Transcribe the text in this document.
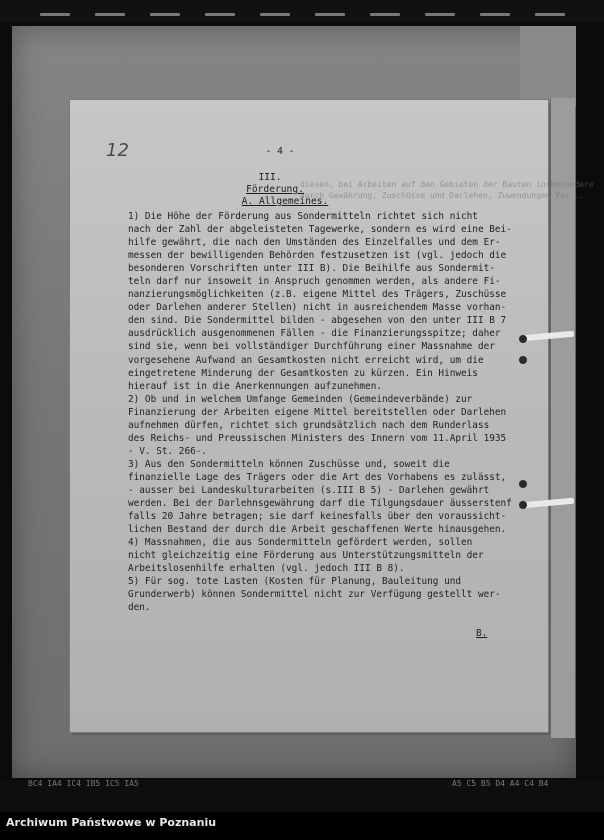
diesen, bei Arbeiten auf den Gebieten der Bauten insbesondere
durch Gewährung, Zuschüsse und Darlehen, Zuwendungen Vor...
12	- 4 -
III.
Förderung.
A. Allgemeines.
1) Die Höhe der Förderung aus Sondermitteln richtet sich nicht
nach der Zahl der abgeleisteten Tagewerke, sondern es wird eine Bei-
hilfe gewährt, die nach den Umständen des Einzelfalles und dem Er-
messen der bewilligenden Behörden festzusetzen ist (vgl. jedoch die
besonderen Vorschriften unter III B). Die Beihilfe aus Sondermit-
teln darf nur insoweit in Anspruch genommen werden, als andere Fi-
nanzierungsmöglichkeiten (z.B. eigene Mittel des Trägers, Zuschüsse
oder Darlehen anderer Stellen) nicht in ausreichendem Masse vorhan-
den sind. Die Sondermittel bilden - abgesehen von den unter III B 7
ausdrücklich ausgenommenen Fällen - die Finanzierungsspitze; daher
sind sie, wenn bei vollständiger Durchführung einer Massnahme der
vorgesehene Aufwand an Gesamtkosten nicht erreicht wird, um die
eingetretene Minderung der Gesamtkosten zu kürzen. Ein Hinweis
hierauf ist in die Anerkennungen aufzunehmen.
2) Ob und in welchem Umfange Gemeinden (Gemeindeverbände) zur
Finanzierung der Arbeiten eigene Mittel bereitstellen oder Darlehen
aufnehmen dürfen, richtet sich grundsätzlich nach dem Runderlass
des Reichs- und Preussischen Ministers des Innern vom 11.April 1935
- V. St. 266-.
3) Aus den Sondermitteln können Zuschüsse und, soweit die
finanzielle Lage des Trägers oder die Art des Vorhabens es zulässt,
- ausser bei Landeskulturarbeiten (s.III B 5) - Darlehen gewährt
werden. Bei der Darlehnsgewährung darf die Tilgungsdauer äusserstenf
falls 20 Jahre betragen; sie darf keinesfalls über den voraussicht-
lichen Bestand der durch die Arbeit geschaffenen Werte hinausgehen.
4) Massnahmen, die aus Sondermitteln gefördert werden, sollen
nicht gleichzeitig eine Förderung aus Unterstützungsmitteln der
Arbeitslosenhilfe erhalten (vgl. jedoch III B 8).
5) Für sog. tote Lasten (Kosten für Planung, Bauleitung und
Grunderwerb) können Sondermittel nicht zur Verfügung gestellt wer-
den.
B.
BC4 IA4 IC4 IB5 IC5 IA5	A5 C5 B5 D4 A4 C4 B4
Archiwum Państwowe w Poznaniu
